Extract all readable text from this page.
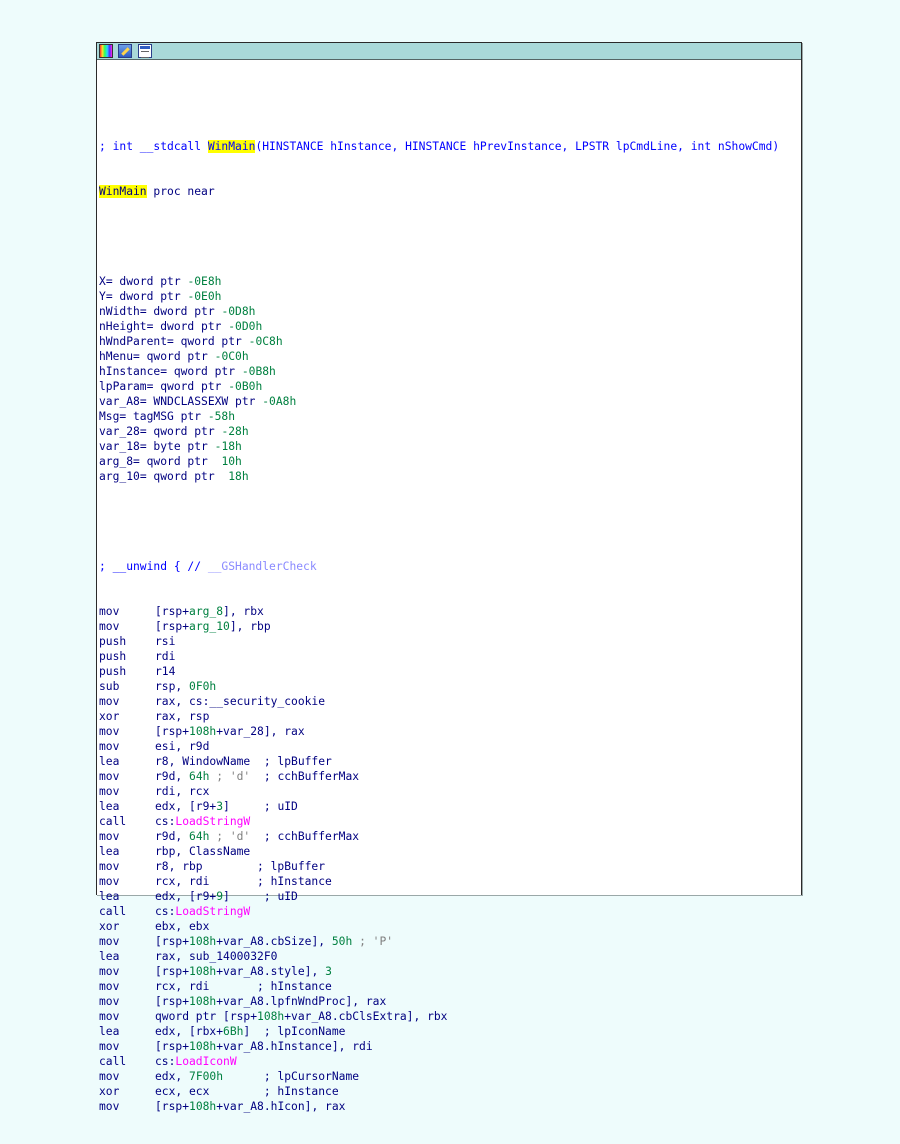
; int __stdcall WinMain(HINSTANCE hInstance, HINSTANCE hPrevInstance, LPSTR lpCmdLine, int nShowCmd)

WinMain proc near

X= dword ptr -0E8h
Y= dword ptr -0E0h
nWidth= dword ptr -0D8h
nHeight= dword ptr -0D0h
hWndParent= qword ptr -0C8h
hMenu= qword ptr -0C0h
hInstance= qword ptr -0B8h
lpParam= qword ptr -0B0h
var_A8= WNDCLASSEXW ptr -0A8h
Msg= tagMSG ptr -58h
var_28= qword ptr -28h
var_18= byte ptr -18h
arg_8= qword ptr  10h
arg_10= qword ptr  18h

; __unwind { // __GSHandlerCheck

mov	[rsp+arg_8], rbx
mov	[rsp+arg_10], rbp
push	rsi
push	rdi
push	r14
sub	rsp, 0F0h
mov	rax, cs:__security_cookie
xor	rax, rsp
mov	[rsp+108h+var_28], rax
mov	esi, r9d
lea	r8, WindowName  ; lpBuffer
mov	r9d, 64h ; 'd'  ; cchBufferMax
mov	rdi, rcx
lea	edx, [r9+3]     ; uID
call	cs:LoadStringW
mov	r9d, 64h ; 'd'  ; cchBufferMax
lea	rbp, ClassName
mov	r8, rbp        ; lpBuffer
mov	rcx, rdi       ; hInstance
lea	edx, [r9+9]     ; uID
call	cs:LoadStringW
xor	ebx, ebx
mov	[rsp+108h+var_A8.cbSize], 50h ; 'P'
lea	rax, sub_1400032F0
mov	[rsp+108h+var_A8.style], 3
mov	rcx, rdi       ; hInstance
mov	[rsp+108h+var_A8.lpfnWndProc], rax
mov	qword ptr [rsp+108h+var_A8.cbClsExtra], rbx
lea	edx, [rbx+6Bh]  ; lpIconName
mov	[rsp+108h+var_A8.hInstance], rdi
call	cs:LoadIconW
mov	edx, 7F00h      ; lpCursorName
xor	ecx, ecx        ; hInstance
mov	[rsp+108h+var_A8.hIcon], rax
